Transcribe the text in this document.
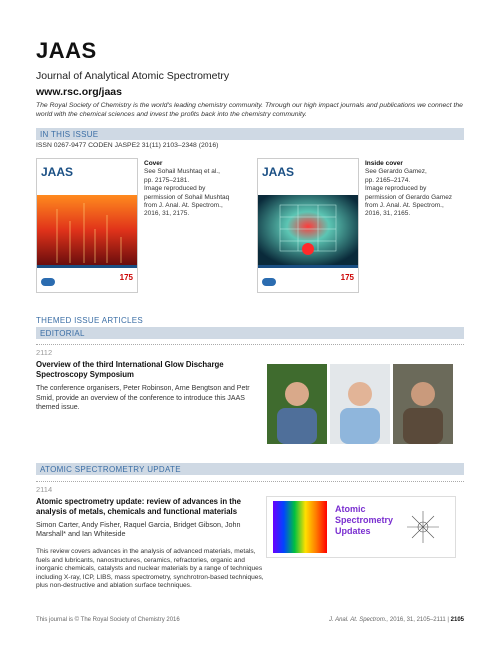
JAAS
Journal of Analytical Atomic Spectrometry
www.rsc.org/jaas
The Royal Society of Chemistry is the world's leading chemistry community. Through our high impact journals and publications we connect the world with the chemical sciences and invest the profits back into the chemistry community.
IN THIS ISSUE
ISSN 0267-9477 CODEN JASPE2 31(11) 2103–2348 (2016)
JAAS
175
Cover
See Sohail Mushtaq et al.,
pp. 2175–2181.
Image reproduced by
permission of Sohail Mushtaq
from J. Anal. At. Spectrom.,
2016, 31, 2175.
JAAS
175
Inside cover
See Gerardo Gamez,
pp. 2165–2174.
Image reproduced by
permission of Gerardo Gamez
from J. Anal. At. Spectrom.,
2016, 31, 2165.
THEMED ISSUE ARTICLES
EDITORIAL
2112
Overview of the third International Glow Discharge Spectroscopy Symposium
The conference organisers, Peter Robinson, Arne Bengtson and Petr Smid, provide an overview of the conference to introduce this JAAS themed issue.
ATOMIC SPECTROMETRY UPDATE
2114
Atomic spectrometry update: review of advances in the analysis of metals, chemicals and functional materials
Simon Carter, Andy Fisher, Raquel Garcia, Bridget Gibson, John Marshall* and Ian Whiteside
This review covers advances in the analysis of advanced materials, metals, fuels and lubricants, nanostructures, ceramics, refractories, organic and inorganic chemicals, catalysts and nuclear materials by a range of techniques including X-ray, ICP, LIBS, mass spectrometry, synchrotron-based techniques, plus non-destructive and ablation surface techniques.
Atomic
Spectrometry
Updates
This journal is © The Royal Society of Chemistry 2016	J. Anal. At. Spectrom., 2016, 31, 2105–2111 | 2105
